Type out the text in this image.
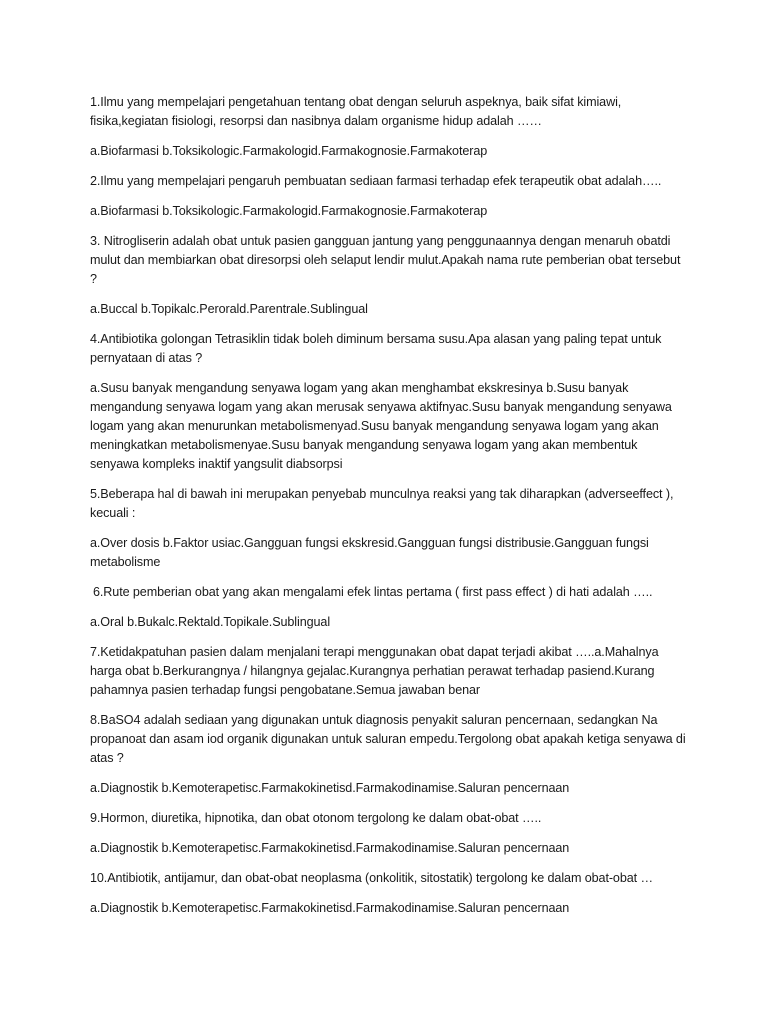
1.Ilmu yang mempelajari pengetahuan tentang obat dengan seluruh aspeknya, baik sifat kimiawi, fisika,kegiatan fisiologi, resorpsi dan nasibnya dalam organisme hidup adalah ……

a.Biofarmasi b.Toksikologic.Farmakologid.Farmakognosie.Farmakoterap

2.Ilmu yang mempelajari pengaruh pembuatan sediaan farmasi terhadap efek terapeutik obat adalah…..

a.Biofarmasi b.Toksikologic.Farmakologid.Farmakognosie.Farmakoterap

3. Nitrogliserin adalah obat untuk pasien gangguan jantung yang penggunaannya dengan menaruh obatdi mulut dan membiarkan obat diresorpsi oleh selaput lendir mulut.Apakah nama rute pemberian obat tersebut ?

a.Buccal b.Topikalc.Perorald.Parentrale.Sublingual

4.Antibiotika golongan Tetrasiklin tidak boleh diminum bersama susu.Apa alasan yang paling tepat untuk pernyataan di atas ?

a.Susu banyak mengandung senyawa logam yang akan menghambat ekskresinya b.Susu banyak mengandung senyawa logam yang akan merusak senyawa aktifnyac.Susu banyak mengandung senyawa logam yang akan menurunkan metabolismenyad.Susu banyak mengandung senyawa logam yang akan meningkatkan metabolismenyae.Susu banyak mengandung senyawa logam yang akan membentuk senyawa kompleks inaktif yangsulit diabsorpsi

5.Beberapa hal di bawah ini merupakan penyebab munculnya reaksi yang tak diharapkan (adverseeffect ), kecuali :

a.Over dosis b.Faktor usiac.Gangguan fungsi ekskresid.Gangguan fungsi distribusie.Gangguan fungsi metabolisme

6.Rute pemberian obat yang akan mengalami efek lintas pertama ( first pass effect ) di hati adalah …..

a.Oral b.Bukalc.Rektald.Topikale.Sublingual

7.Ketidakpatuhan pasien dalam menjalani terapi menggunakan obat dapat terjadi akibat …..a.Mahalnya harga obat b.Berkurangnya / hilangnya gejalac.Kurangnya perhatian perawat terhadap pasiend.Kurang pahamnya pasien terhadap fungsi pengobatane.Semua jawaban benar

8.BaSO4 adalah sediaan yang digunakan untuk diagnosis penyakit saluran pencernaan, sedangkan Na propanoat dan asam iod organik digunakan untuk saluran empedu.Tergolong obat apakah ketiga senyawa di atas ?

a.Diagnostik b.Kemoterapetisc.Farmakokinetisd.Farmakodinamise.Saluran pencernaan

9.Hormon, diuretika, hipnotika, dan obat otonom tergolong ke dalam obat-obat …..

a.Diagnostik b.Kemoterapetisc.Farmakokinetisd.Farmakodinamise.Saluran pencernaan

10.Antibiotik, antijamur, dan obat-obat neoplasma (onkolitik, sitostatik) tergolong ke dalam obat-obat …

a.Diagnostik b.Kemoterapetisc.Farmakokinetisd.Farmakodinamise.Saluran pencernaan
